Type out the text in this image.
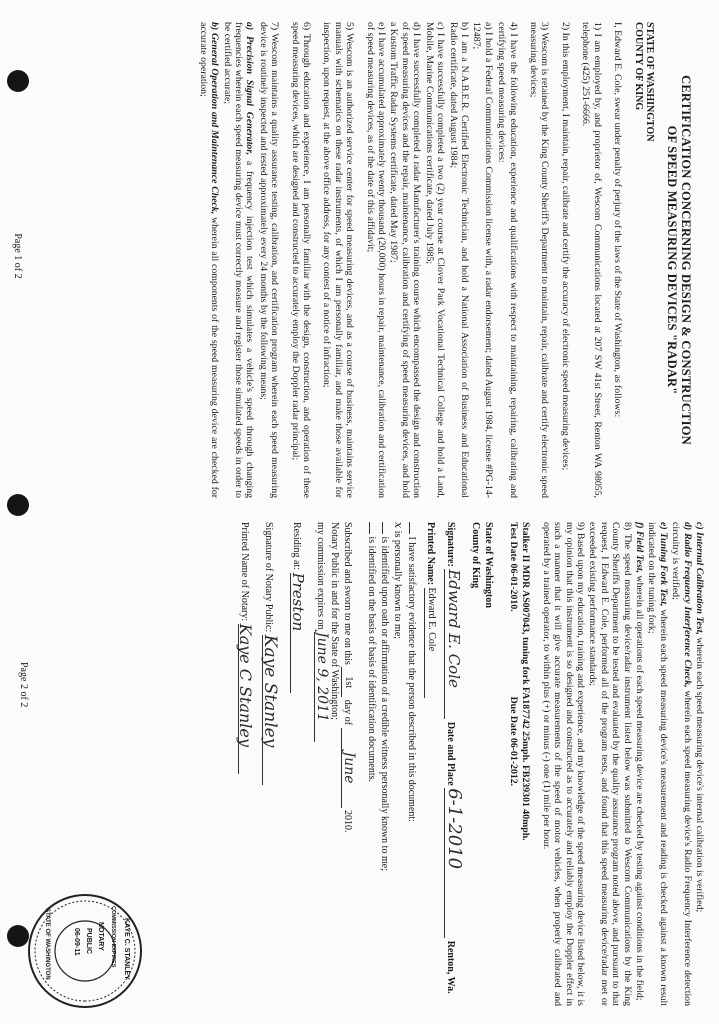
CERTIFICATION CONCERNING DESIGN & CONSTRUCTION
OF SPEED MEASURING DEVICES "RADAR"
STATE OF WASHINGTON
COUNTY OF KING

I, Edward E. Cole, swear under penalty of perjury of the laws of the State of Washington, as follows:

1) I am employed by, and proprietor of, Wescom Communications located at 207 SW 41st Street, Renton WA 98055, telephone (425) 251-6666.

2) In this employment, I maintain, repair, calibrate and certify the accuracy of electronic speed measuring devices;

3) Wescom is retained by the King County Sheriff's Department to maintain, repair, calibrate and certify electronic speed measuring devices;

4) I have the following education, experience and qualifications with respect to maintaining, repairing, calibrating and certifying speed measuring devices:

a) I hold a Federal Communications Commission license with, a radar endorsement; dated August 1984, license #PG-14-12487;

b) I am a N.A.B.E.R. Certified Electronic Technician, and hold a National Association of Business and Educational Radio certificate, dated August 1984;

c) I have successfully completed a two (2) year course at Clover Park Vocational Technical College and hold a Land, Mobile, Marine Communications certificate, dated July 1985;

d) I have successfully completed a radar Manufacturer's training course which encompassed the design and construction of speed measuring devices and the repair, maintenance, calibration and certifying of speed measuring devices, and hold a Kustom Traffic Radar Systems certificate, dated May 1987;

e) I have accumulated approximately twenty thousand (20,000) hours in repair, maintenance, calibration and certification of speed measuring devices, as of the date of this affidavit;

5) Wescom is an authorized service center for speed measuring devices, and as a course of business, maintains service manuals with schematics on these radar instruments, of which I am personally familiar, and make those available for inspection, upon request, at the above office address, for any contest of a notice of infraction;

6) Through education and experience, I am personally familiar with the design, construction, and operation of these speed measuring devices, which are designed and constructed to accurately employ the Doppler radar principal;

7) Wescom maintains a quality assurance testing, calibration, and certification program wherein each speed measuring device is routinely inspected and tested approximately every 24 months by the following means;

a) Precision Signal Generator, a frequency injection test which simulates a vehicle's speed through changing frequencies wherein each speed measuring device must correctly measure and register those simulated speeds in order to be certified accurate;

b) General Operation and Maintenance Check, wherein all components of the speed measuring device are checked for accurate operation;

Page 1 of 2

c) Internal Calibration Test, wherein each speed measuring device's internal calibration is verified;

d) Radio Frequency Interference Check, wherein each speed measuring device's Radio Frequency Interference detection circuitry is verified;

e) Tuning Fork Test, wherein each speed measuring device's measurement and reading is checked against a known result indicated on the tuning fork;

f) Field Test, wherein all operations of each speed measuring device are checked by testing against conditions in the field;

8) The speed measuring device/radar instrument listed below was submitted to Wescom Communications by the King County Sheriffs Department to be tested and evaluated by the quality assurance program noted above, and pursuant to that request, I Edward E. Cole, performed all of the program tests, and found that this speed measuring device/radar met or exceeded existing performance standards;

9) Based upon my education, training and experience, and my knowledge of the speed measuring device listed below, it is my opinion that this instrument is so designed and constructed as to accurately and reliably employ the Doppler effect in such a manner that it will give accurate measurements of the speed of motor vehicles, when properly calibrated and operated by a trained operator, to within plus (+) or minus (-) one (1) mile per hour.

Stalker II MDR AS007043, tuning fork FA187742 25mph. FB239301 40mph.

Test Date 06-01-2010.  Due Date 06-01-2012.

State of Washington
County of King
Signature: Edward E. Cole Date and Place 6-1-2010 Renton, Wa.
Printed Name: Edward E. Cole
I have satisfactory evidence that the person described in this document:
x is personally known to me;
is identified upon oath or affirmation of a credible witness personally known to me;
is identified on the basis of basis of identification documents.
Subscribed and sworn to me on this 1st day of June 2010.
Notary Public in and for the State of Washington;
my commission expires on June 9, 2011
Residing at: Preston
Signature of Notary Public: Kaye Stanley
Printed Name of Notary: Kaye C Stanley
Page 2 of 2
KAYE C. STANLEY
NOTARY
PUBLIC
06-09-11
STATE OF WASHINGTON	COMMISSION EXPIRES
